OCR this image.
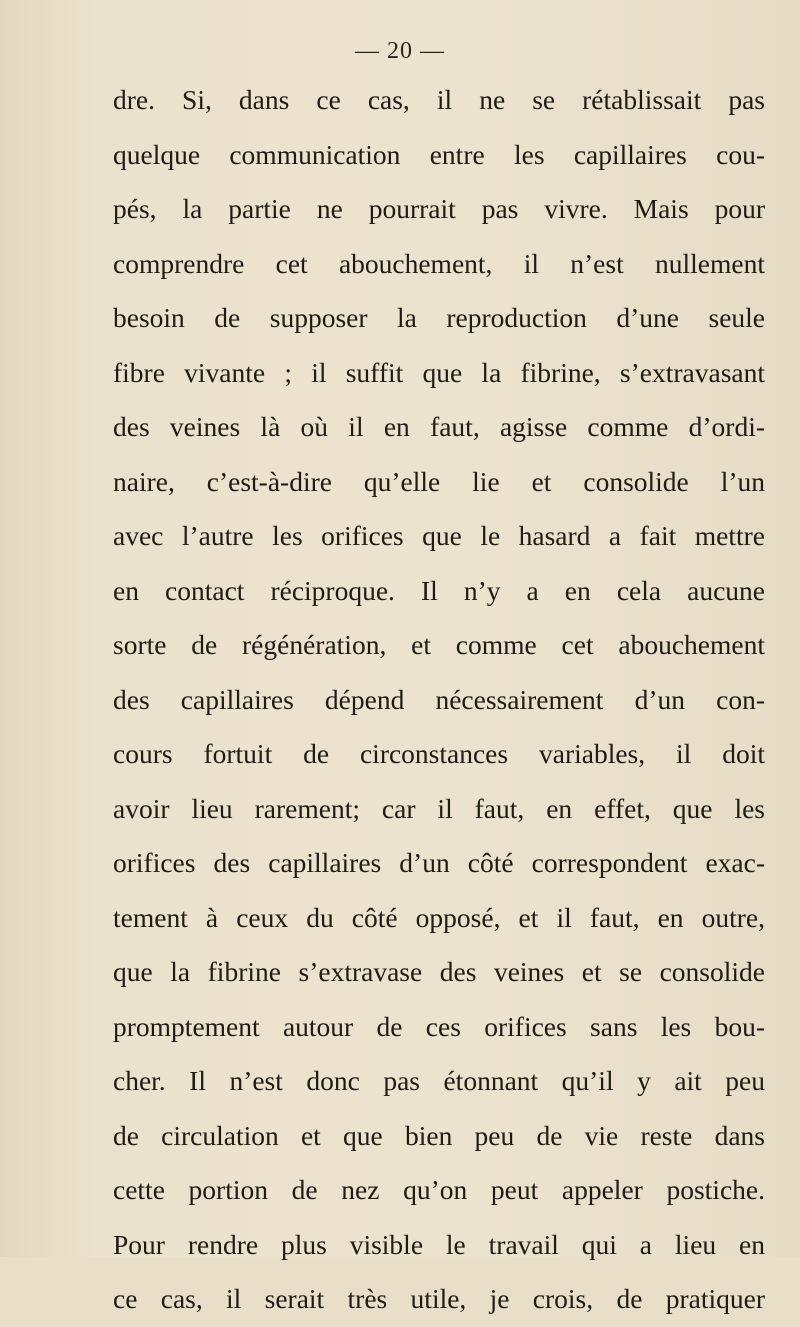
— 20 —
dre. Si, dans ce cas, il ne se rétablissait pas
quelque communication entre les capillaires cou-
pés, la partie ne pourrait pas vivre. Mais pour
comprendre cet abouchement, il n’est nullement
besoin de supposer la reproduction d’une seule
fibre vivante ; il suffit que la fibrine, s’extravasant
des veines là où il en faut, agisse comme d’ordi-
naire, c’est-à-dire qu’elle lie et consolide l’un
avec l’autre les orifices que le hasard a fait mettre
en contact réciproque. Il n’y a en cela aucune
sorte de régénération, et comme cet abouchement
des capillaires dépend nécessairement d’un con-
cours fortuit de circonstances variables, il doit
avoir lieu rarement; car il faut, en effet, que les
orifices des capillaires d’un côté correspondent exac-
tement à ceux du côté opposé, et il faut, en outre,
que la fibrine s’extravase des veines et se consolide
promptement autour de ces orifices sans les bou-
cher. Il n’est donc pas étonnant qu’il y ait peu
de circulation et que bien peu de vie reste dans
cette portion de nez qu’on peut appeler postiche.
Pour rendre plus visible le travail qui a lieu en
ce cas, il serait très utile, je crois, de pratiquer
